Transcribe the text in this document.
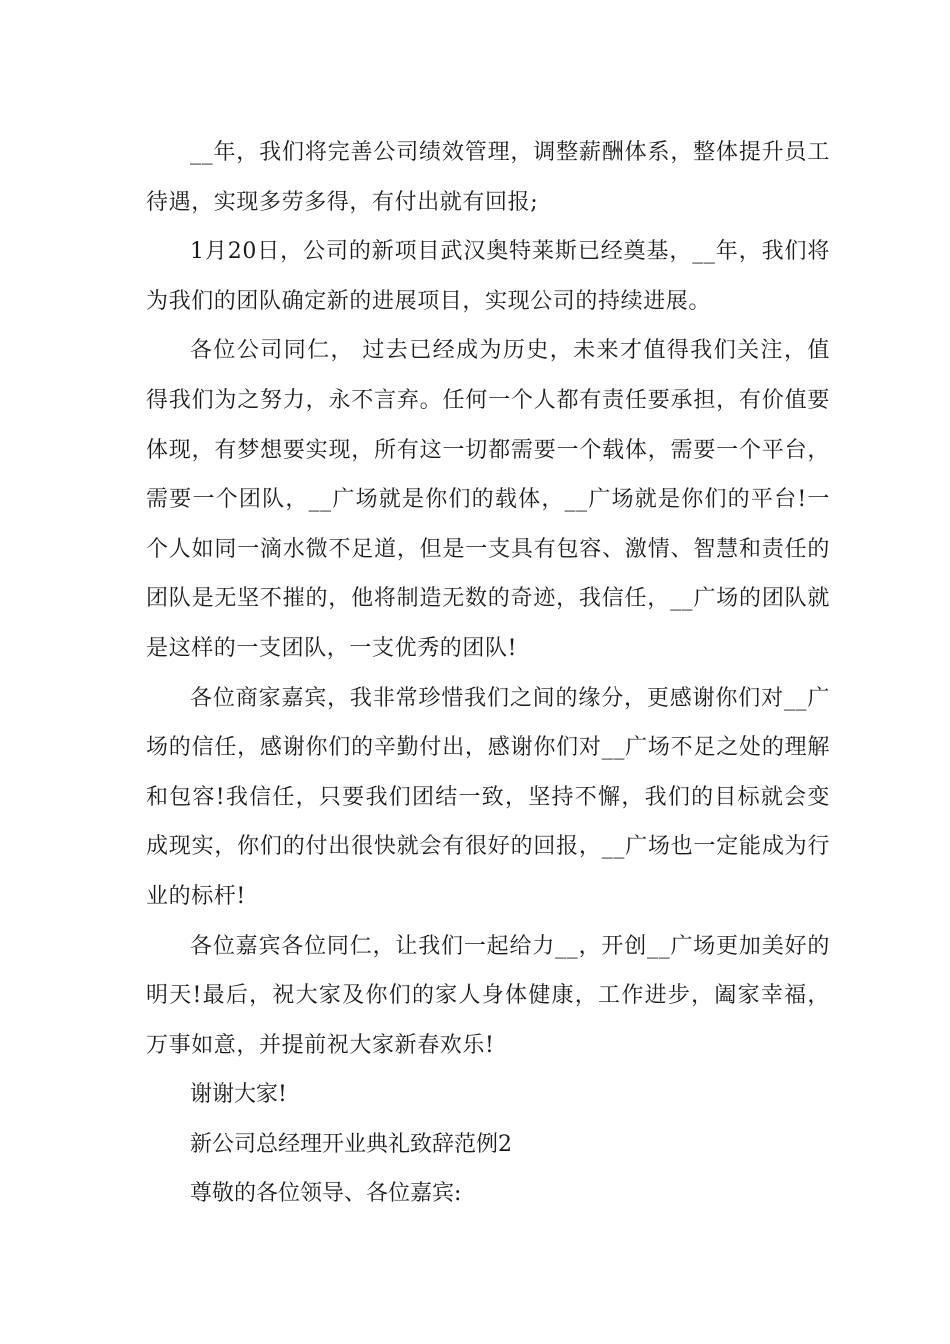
__年，我们将完善公司绩效管理，调整薪酬体系，整体提升员工待遇，实现多劳多得，有付出就有回报;

1月20日，公司的新项目武汉奥特莱斯已经奠基，__年，我们将为我们的团队确定新的进展项目，实现公司的持续进展。

各位公司同仁， 过去已经成为历史，未来才值得我们关注，值得我们为之努力，永不言弃。任何一个人都有责任要承担，有价值要体现，有梦想要实现，所有这一切都需要一个载体，需要一个平台，需要一个团队，__广场就是你们的载体，__广场就是你们的平台!一个人如同一滴水微不足道，但是一支具有包容、激情、智慧和责任的团队是无坚不摧的，他将制造无数的奇迹，我信任，__广场的团队就是这样的一支团队，一支优秀的团队!

各位商家嘉宾，我非常珍惜我们之间的缘分，更感谢你们对__广场的信任，感谢你们的辛勤付出，感谢你们对__广场不足之处的理解和包容!我信任，只要我们团结一致，坚持不懈，我们的目标就会变成现实，你们的付出很快就会有很好的回报，__广场也一定能成为行业的标杆!

各位嘉宾各位同仁，让我们一起给力__，开创__广场更加美好的明天!最后，祝大家及你们的家人身体健康，工作进步，阖家幸福，万事如意，并提前祝大家新春欢乐!

谢谢大家!

新公司总经理开业典礼致辞范例2

尊敬的各位领导、各位嘉宾:
